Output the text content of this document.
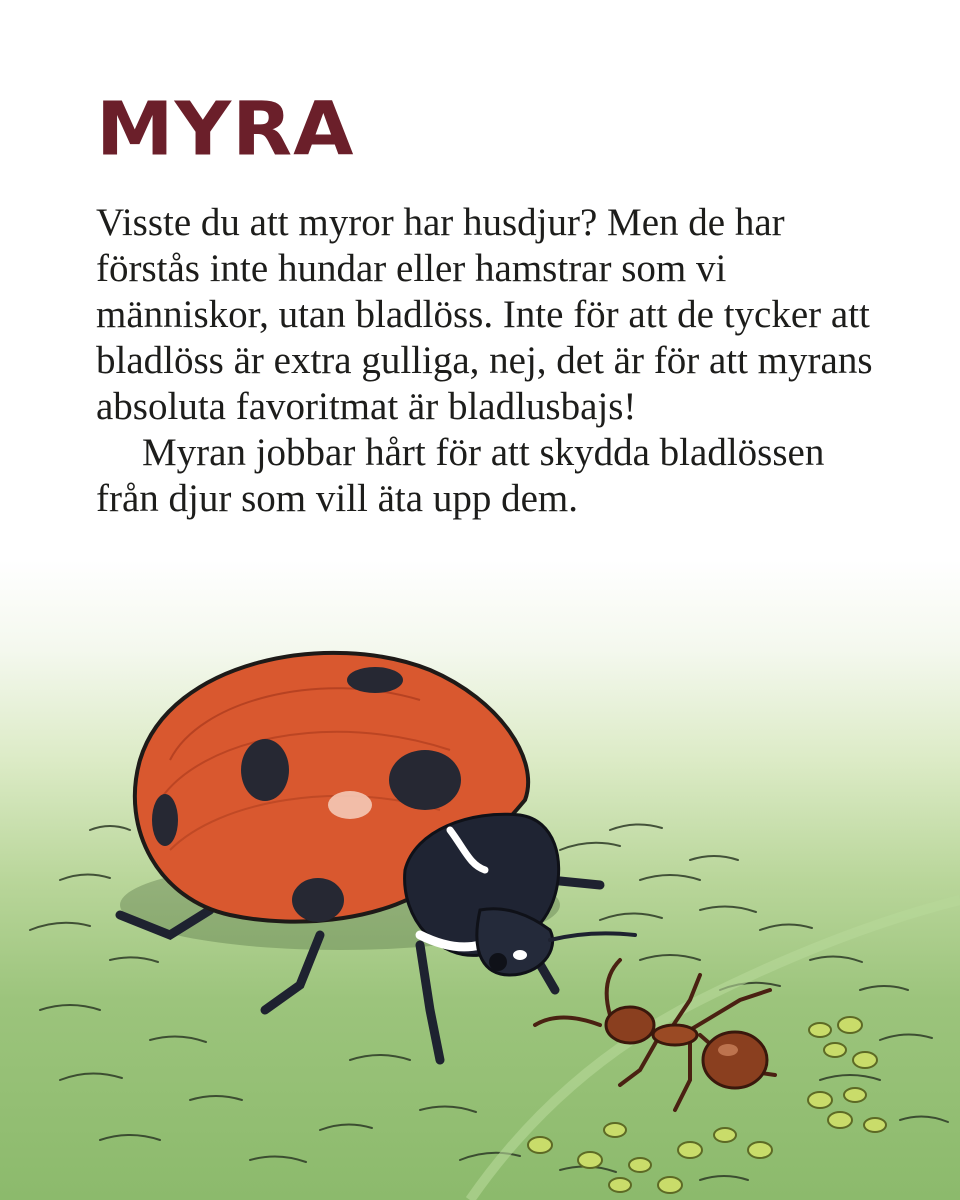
MYRA

Visste du att myror har husdjur? Men de har förstås inte hundar eller hamstrar som vi människor, utan bladlöss. Inte för att de tycker att bladlöss är extra gulliga, nej, det är för att myrans absoluta favoritmat är bladlusbajs!

Myran jobbar hårt för att skydda bladlössen från djur som vill äta upp dem.
